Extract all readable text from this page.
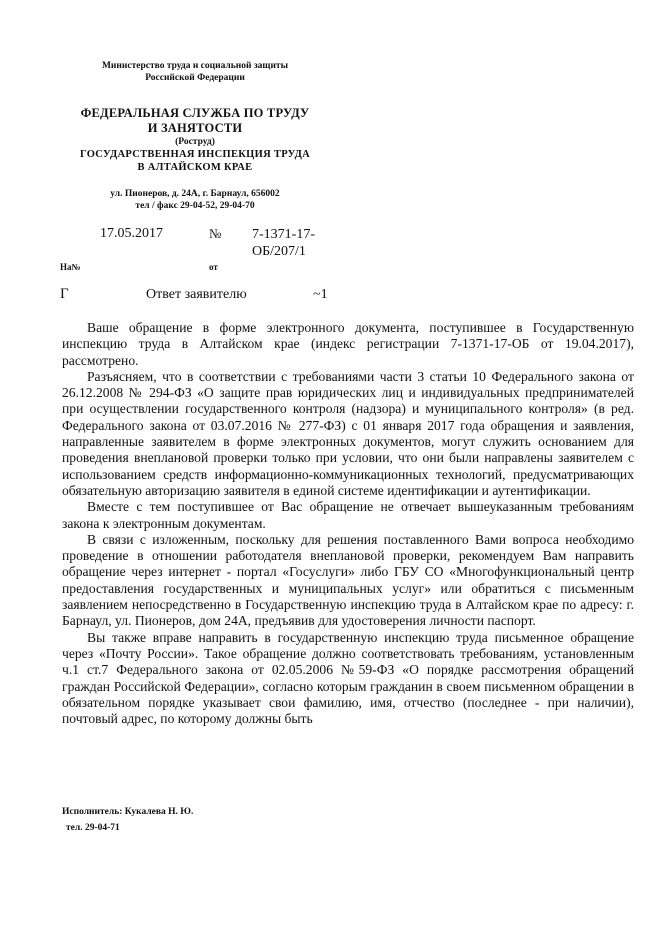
Министерство труда и социальной защиты
Российской Федерации
ФЕДЕРАЛЬНАЯ СЛУЖБА ПО ТРУДУ
И ЗАНЯТОСТИ
(Роструд)
ГОСУДАРСТВЕННАЯ ИНСПЕКЦИЯ ТРУДА
В АЛТАЙСКОМ КРАЕ
ул. Пионеров, д. 24А, г. Барнаул, 656002
тел / факс 29-04-52, 29-04-70
17.05.2017	№ 7-1371-17-ОБ/207/1
На№	от
Г	Ответ заявителю	~1

Ваше обращение в форме электронного документа, поступившее в Государственную инспекцию труда в Алтайском крае (индекс регистрации 7-1371-17-ОБ от 19.04.2017), рассмотрено.

Разъясняем, что в соответствии с требованиями части 3 статьи 10 Федерального закона от 26.12.2008 № 294-ФЗ «О защите прав юридических лиц и индивидуальных предпринимателей при осуществлении государственного контроля (надзора) и муниципального контроля» (в ред. Федерального закона от 03.07.2016 № 277-ФЗ) с 01 января 2017 года обращения и заявления, направленные заявителем в форме электронных документов, могут служить основанием для проведения внеплановой проверки только при условии, что они были направлены заявителем с использованием средств информационно-коммуникационных технологий, предусматривающих обязательную авторизацию заявителя в единой системе идентификации и аутентификации.

Вместе с тем поступившее от Вас обращение не отвечает вышеуказанным требованиям закона к электронным документам.

В связи с изложенным, поскольку для решения поставленного Вами вопроса необходимо проведение в отношении работодателя внеплановой проверки, рекомендуем Вам направить обращение через интернет - портал «Госуслуги» либо ГБУ СО «Многофункциональный центр предоставления государственных и муниципальных услуг» или обратиться с письменным заявлением непосредственно в Государственную инспекцию труда в Алтайском крае по адресу: г. Барнаул, ул. Пионеров, дом 24А, предъявив для удостоверения личности паспорт.

Вы также вправе направить в государственную инспекцию труда письменное обращение через «Почту России». Такое обращение должно соответствовать требованиям, установленным ч.1 ст.7 Федерального закона от 02.05.2006 №59-ФЗ «О порядке рассмотрения обращений граждан Российской Федерации», согласно которым гражданин в своем письменном обращении в обязательном порядке указывает свои фамилию, имя, отчество (последнее - при наличии), почтовый адрес, по которому должны быть

Исполнитель: Кукалева Н. Ю.
тел. 29-04-71
